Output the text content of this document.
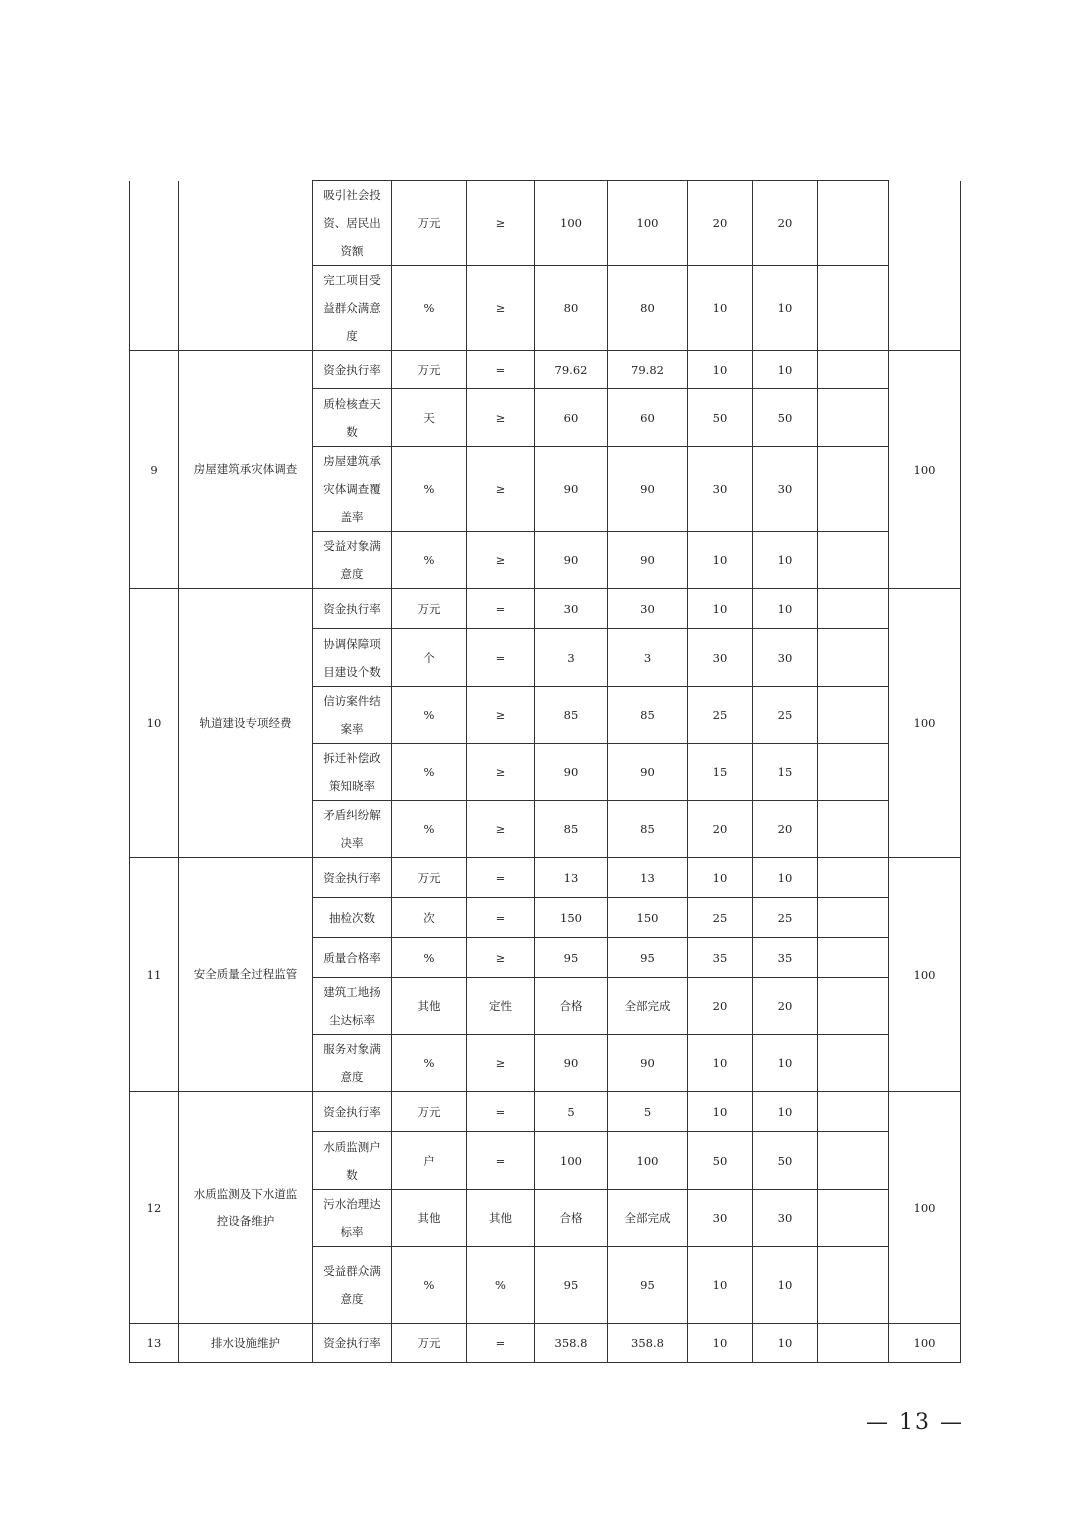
		吸引社会投资、居民出资额	万元	≥	100	100	20	20		
		完工项目受益群众满意度	%	≥	80	80	10	10		
9	房屋建筑承灾体调查	资金执行率	万元	=	79.62	79.82	10	10		100
		质检核查天数	天	≥	60	60	50	50		
		房屋建筑承灾体调查覆盖率	%	≥	90	90	30	30		
		受益对象满意度	%	≥	90	90	10	10		
10	轨道建设专项经费	资金执行率	万元	=	30	30	10	10		100
		协调保障项目建设个数	个	=	3	3	30	30		
		信访案件结案率	%	≥	85	85	25	25		
		拆迁补偿政策知晓率	%	≥	90	90	15	15		
		矛盾纠纷解决率	%	≥	85	85	20	20		
11	安全质量全过程监管	资金执行率	万元	=	13	13	10	10		100
		抽检次数	次	=	150	150	25	25		
		质量合格率	%	≥	95	95	35	35		
		建筑工地扬尘达标率	其他	定性	合格	全部完成	20	20		
		服务对象满意度	%	≥	90	90	10	10		
12	水质监测及下水道监控设备维护	资金执行率	万元	=	5	5	10	10		100
		水质监测户数	户	=	100	100	50	50		
		污水治理达标率	其他	其他	合格	全部完成	30	30		
		受益群众满意度	%	%	95	95	10	10		
13	排水设施维护	资金执行率	万元	=	358.8	358.8	10	10		100
— 13 —
